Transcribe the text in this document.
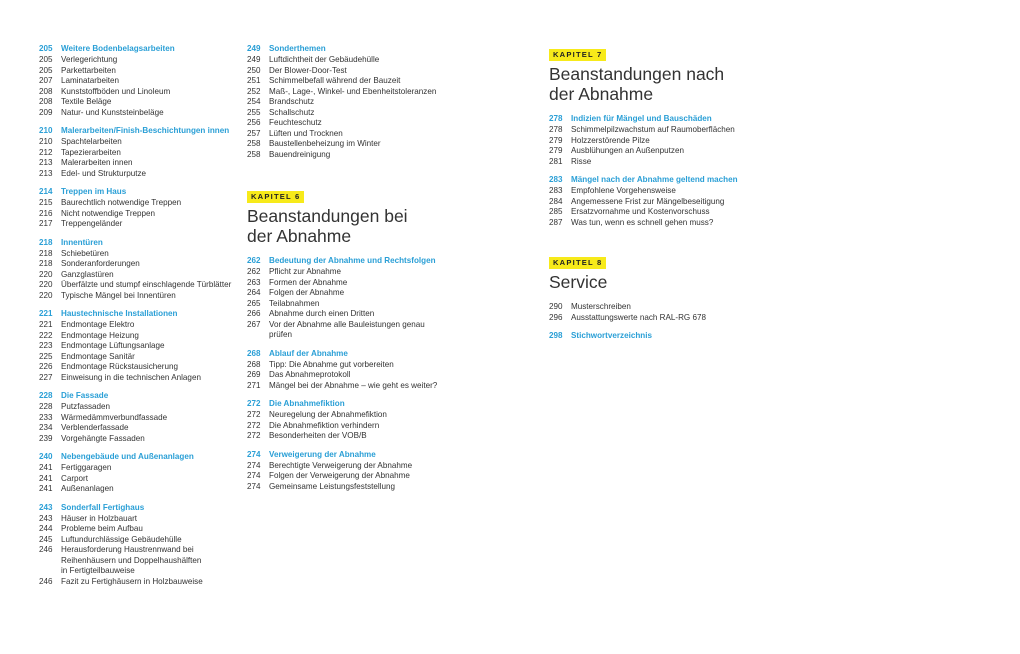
205	Weitere Bodenbelagsarbeiten
205	Verlegerichtung
205	Parkettarbeiten
207	Laminatarbeiten
208	Kunststoffböden und Linoleum
208	Textile Beläge
209	Natur- und Kunststeinbeläge
210	Malerarbeiten/Finish-Beschichtungen innen
210	Spachtelarbeiten
212	Tapezierarbeiten
213	Malerarbeiten innen
213	Edel- und Strukturputze
214	Treppen im Haus
215	Baurechtlich notwendige Treppen
216	Nicht notwendige Treppen
217	Treppengeländer
218	Innentüren
218	Schiebetüren
218	Sonderanforderungen
220	Ganzglastüren
220	Überfälzte und stumpf einschlagende Türblätter
220	Typische Mängel bei Innentüren
221	Haustechnische Installationen
221	Endmontage Elektro
222	Endmontage Heizung
223	Endmontage Lüftungsanlage
225	Endmontage Sanitär
226	Endmontage Rückstausicherung
227	Einweisung in die technischen Anlagen
228	Die Fassade
228	Putzfassaden
233	Wärmedämmverbundfassade
234	Verblenderfassade
239	Vorgehängte Fassaden
240	Nebengebäude und Außenanlagen
241	Fertiggaragen
241	Carport
241	Außenanlagen
243	Sonderfall Fertighaus
243	Häuser in Holzbauart
244	Probleme beim Aufbau
245	Luftundurchlässige Gebäudehülle
246	Herausforderung Haustrennwand bei
Reihenhäusern und Doppelhaushälften
in Fertigteilbauweise
246	Fazit zu Fertighäusern in Holzbauweise
249	Sonderthemen
249	Luftdichtheit der Gebäudehülle
250	Der Blower-Door-Test
251	Schimmelbefall während der Bauzeit
252	Maß-, Lage-, Winkel- und Ebenheitstoleranzen
254	Brandschutz
255	Schallschutz
256	Feuchteschutz
257	Lüften und Trocknen
258	Baustellenbeheizung im Winter
258	Bauendreinigung
KAPITEL 6
Beanstandungen bei
der Abnahme
262	Bedeutung der Abnahme und Rechtsfolgen
262	Pflicht zur Abnahme
263	Formen der Abnahme
264	Folgen der Abnahme
265	Teilabnahmen
266	Abnahme durch einen Dritten
267	Vor der Abnahme alle Bauleistungen genau
prüfen
268	Ablauf der Abnahme
268	Tipp: Die Abnahme gut vorbereiten
269	Das Abnahmeprotokoll
271	Mängel bei der Abnahme – wie geht es weiter?
272	Die Abnahmefiktion
272	Neuregelung der Abnahmefiktion
272	Die Abnahmefiktion verhindern
272	Besonderheiten der VOB/B
274	Verweigerung der Abnahme
274	Berechtigte Verweigerung der Abnahme
274	Folgen der Verweigerung der Abnahme
274	Gemeinsame Leistungsfeststellung
KAPITEL 7
Beanstandungen nach
der Abnahme
278	Indizien für Mängel und Bauschäden
278	Schimmelpilzwachstum auf Raumoberflächen
279	Holzzerstörende Pilze
279	Ausblühungen an Außenputzen
281	Risse
283	Mängel nach der Abnahme geltend machen
283	Empfohlene Vorgehensweise
284	Angemessene Frist zur Mängelbeseitigung
285	Ersatzvornahme und Kostenvorschuss
287	Was tun, wenn es schnell gehen muss?
KAPITEL 8
Service
290	Musterschreiben
296	Ausstattungswerte nach RAL-RG 678
298	Stichwortverzeichnis
